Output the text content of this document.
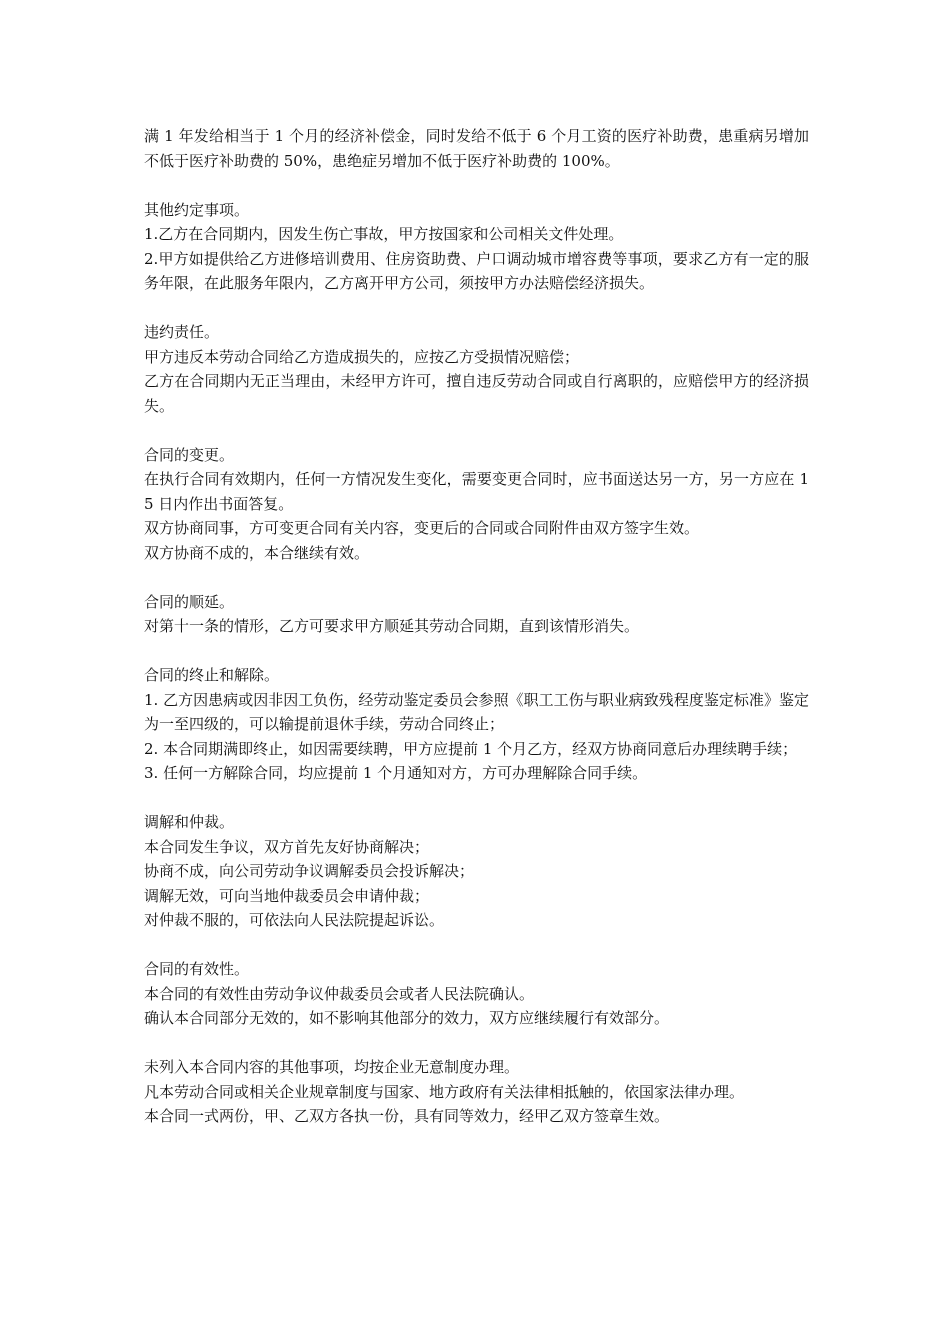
满 1 年发给相当于 1 个月的经济补偿金，同时发给不低于 6 个月工资的医疗补助费，患重病另增加不低于医疗补助费的 50%，患绝症另增加不低于医疗补助费的 100%。

其他约定事项。

1.乙方在合同期内，因发生伤亡事故，甲方按国家和公司相关文件处理。

2.甲方如提供给乙方进修培训费用、住房资助费、户口调动城市增容费等事项，要求乙方有一定的服务年限，在此服务年限内，乙方离开甲方公司，须按甲方办法赔偿经济损失。

违约责任。

甲方违反本劳动合同给乙方造成损失的，应按乙方受损情况赔偿；

乙方在合同期内无正当理由，未经甲方许可，擅自违反劳动合同或自行离职的，应赔偿甲方的经济损失。

合同的变更。

在执行合同有效期内，任何一方情况发生变化，需要变更合同时，应书面送达另一方，另一方应在 15 日内作出书面答复。

双方协商同事，方可变更合同有关内容，变更后的合同或合同附件由双方签字生效。

双方协商不成的，本合继续有效。

合同的顺延。

对第十一条的情形，乙方可要求甲方顺延其劳动合同期，直到该情形消失。

合同的终止和解除。

1. 乙方因患病或因非因工负伤，经劳动鉴定委员会参照《职工工伤与职业病致残程度鉴定标准》鉴定为一至四级的，可以输提前退休手续，劳动合同终止；

2. 本合同期满即终止，如因需要续聘，甲方应提前 1 个月乙方，经双方协商同意后办理续聘手续；

3. 任何一方解除合同，均应提前 1 个月通知对方，方可办理解除合同手续。

调解和仲裁。

本合同发生争议，双方首先友好协商解决；

协商不成，向公司劳动争议调解委员会投诉解决；

调解无效，可向当地仲裁委员会申请仲裁；

对仲裁不服的，可依法向人民法院提起诉讼。

合同的有效性。

本合同的有效性由劳动争议仲裁委员会或者人民法院确认。

确认本合同部分无效的，如不影响其他部分的效力，双方应继续履行有效部分。

未列入本合同内容的其他事项，均按企业无意制度办理。

凡本劳动合同或相关企业规章制度与国家、地方政府有关法律相抵触的，依国家法律办理。

本合同一式两份，甲、乙双方各执一份，具有同等效力，经甲乙双方签章生效。
